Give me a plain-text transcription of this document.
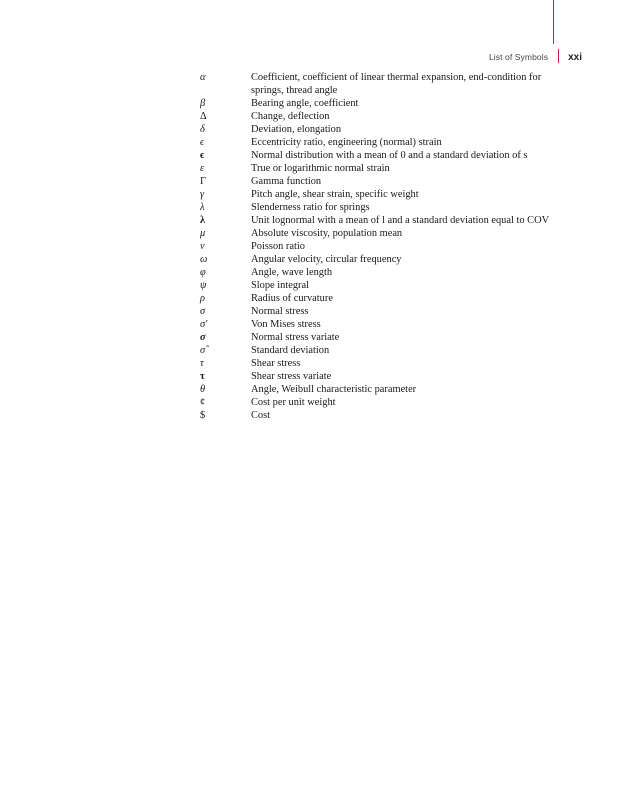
List of Symbols xxi
α	Coefficient, coefficient of linear thermal expansion, end-condition for
springs, thread angle
β	Bearing angle, coefficient
Δ	Change, deflection
δ	Deviation, elongation
ϵ	Eccentricity ratio, engineering (normal) strain
ϵ	Normal distribution with a mean of 0 and a standard deviation of s
ε	True or logarithmic normal strain
Γ	Gamma function
γ	Pitch angle, shear strain, specific weight
λ	Slenderness ratio for springs
λ	Unit lognormal with a mean of l and a standard deviation equal to COV
μ	Absolute viscosity, population mean
ν	Poisson ratio
ω	Angular velocity, circular frequency
φ	Angle, wave length
ψ	Slope integral
ρ	Radius of curvature
σ	Normal stress
σ′	Von Mises stress
σ	Normal stress variate
σ̂	Standard deviation
τ	Shear stress
τ	Shear stress variate
θ	Angle, Weibull characteristic parameter
¢	Cost per unit weight
$	Cost
